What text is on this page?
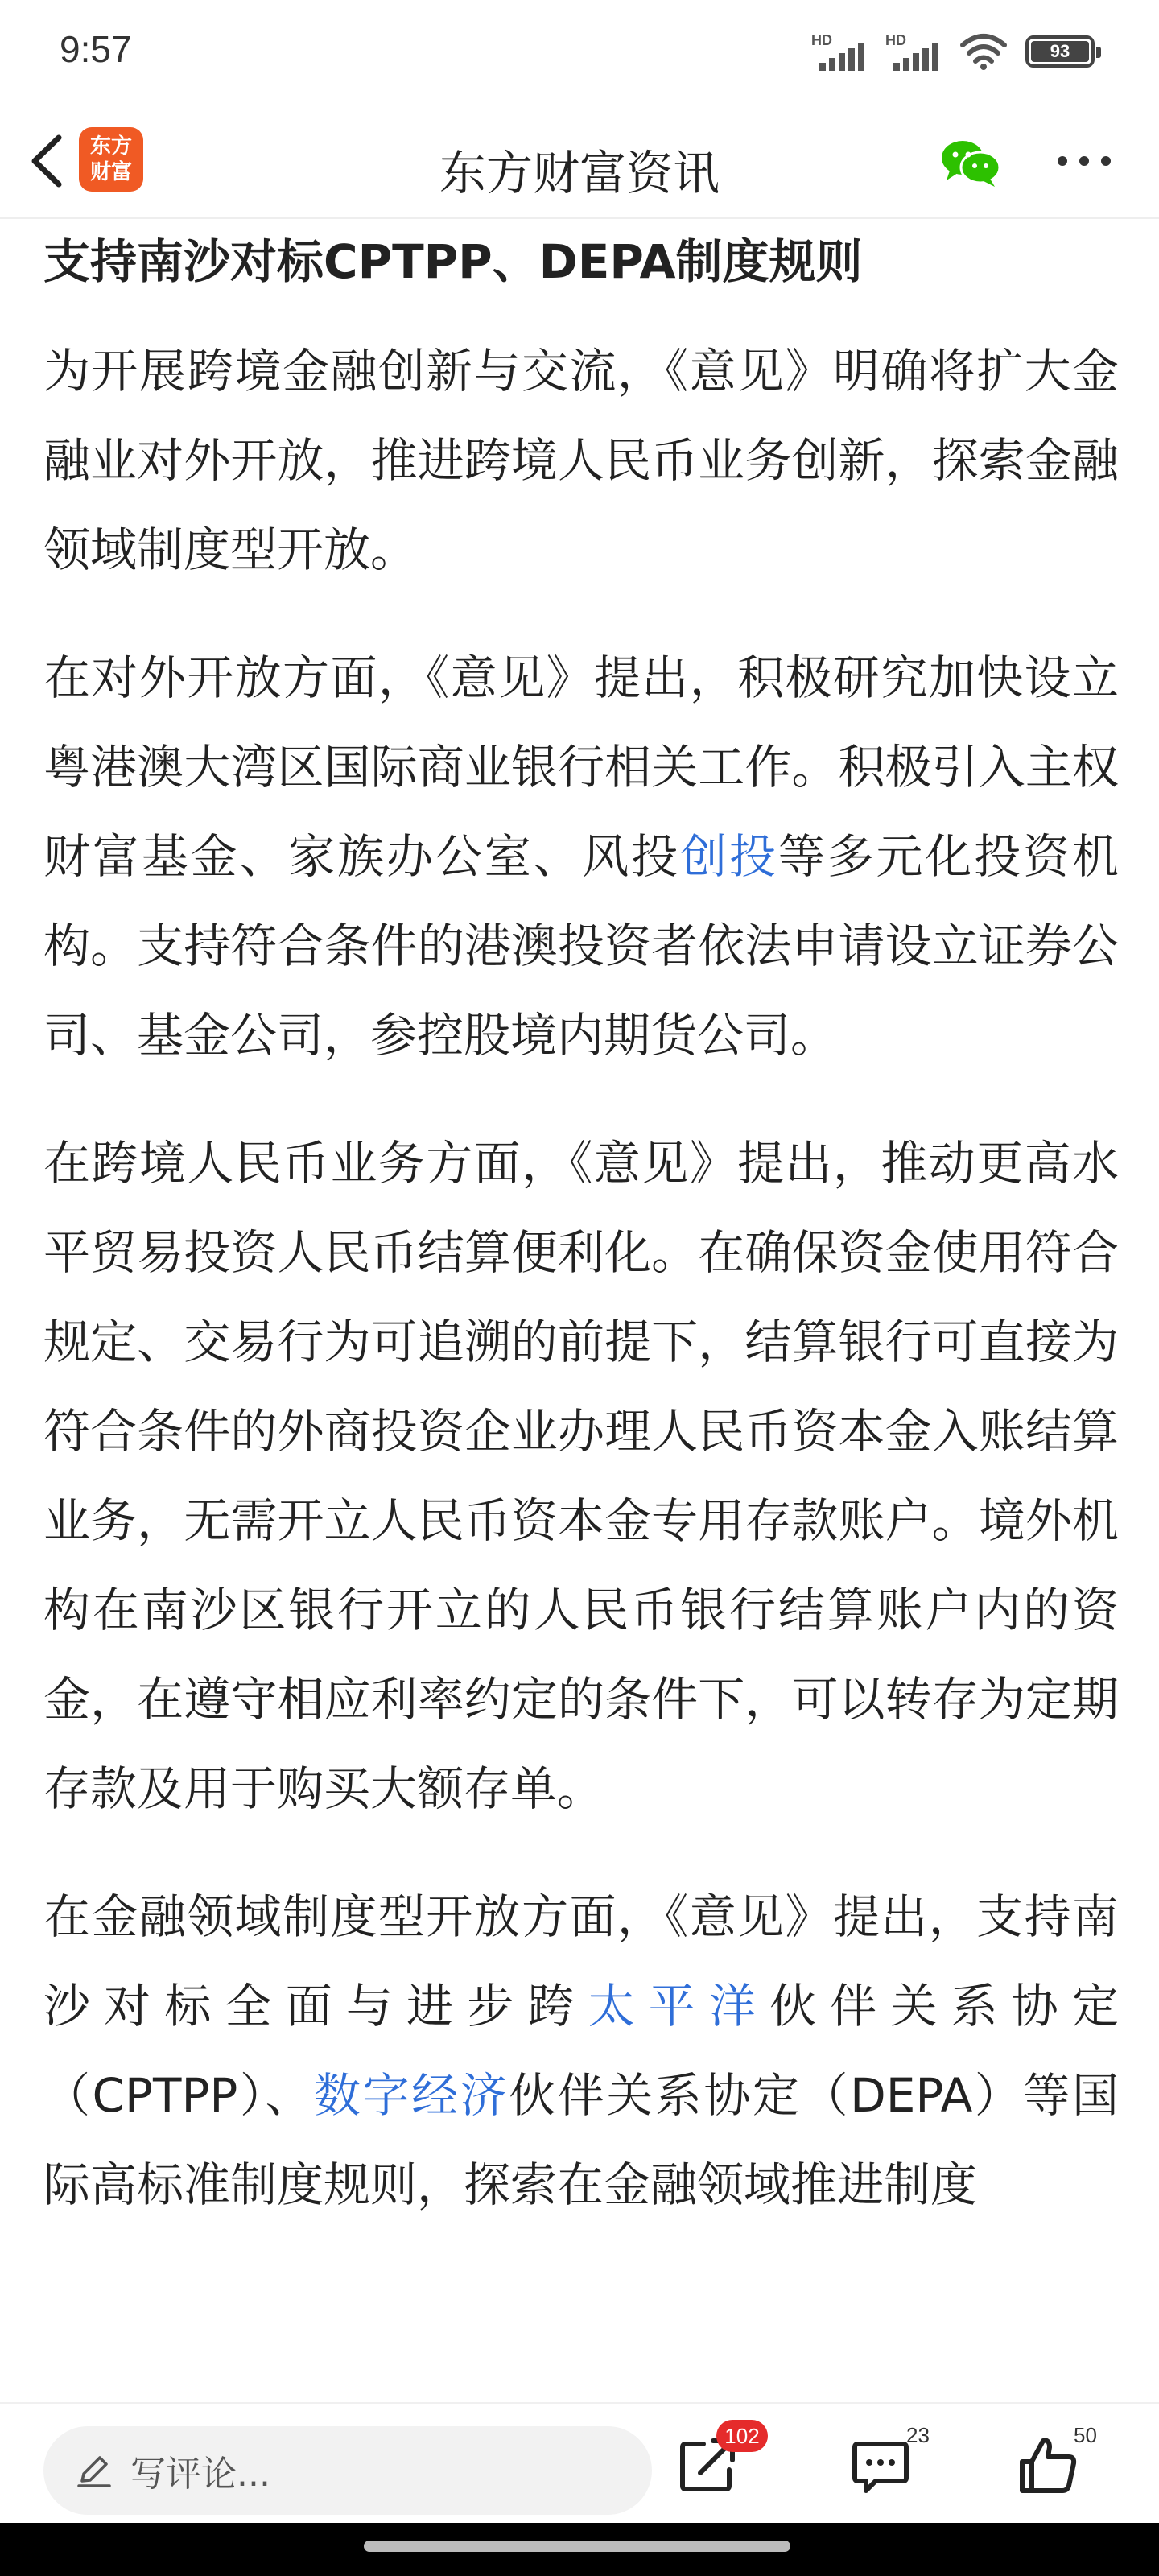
9:57	HD	HD
93
东方
财富	东方财富资讯
支持南沙对标CPTPP、DEPA制度规则

为开展跨境金融创新与交流，《意见》明确将扩大金融业对外开放，推进跨境人民币业务创新，探索金融领域制度型开放。

在对外开放方面，《意见》提出，积极研究加快设立粤港澳大湾区国际商业银行相关工作。积极引入主权财富基金、家族办公室、风投创投等多元化投资机构。支持符合条件的港澳投资者依法申请设立证券公司、基金公司，参控股境内期货公司。

在跨境人民币业务方面，《意见》提出，推动更高水平贸易投资人民币结算便利化。在确保资金使用符合规定、交易行为可追溯的前提下，结算银行可直接为符合条件的外商投资企业办理人民币资本金入账结算业务，无需开立人民币资本金专用存款账户。境外机构在南沙区银行开立的人民币银行结算账户内的资金，在遵守相应利率约定的条件下，可以转存为定期存款及用于购买大额存单。

在金融领域制度型开放方面，《意见》提出，支持南沙对标全面与进步跨太平洋伙伴关系协定（CPTPP）、数字经济伙伴关系协定（DEPA）等国际高标准制度规则，探索在金融领域推进制度

写评论...
102	23	50
